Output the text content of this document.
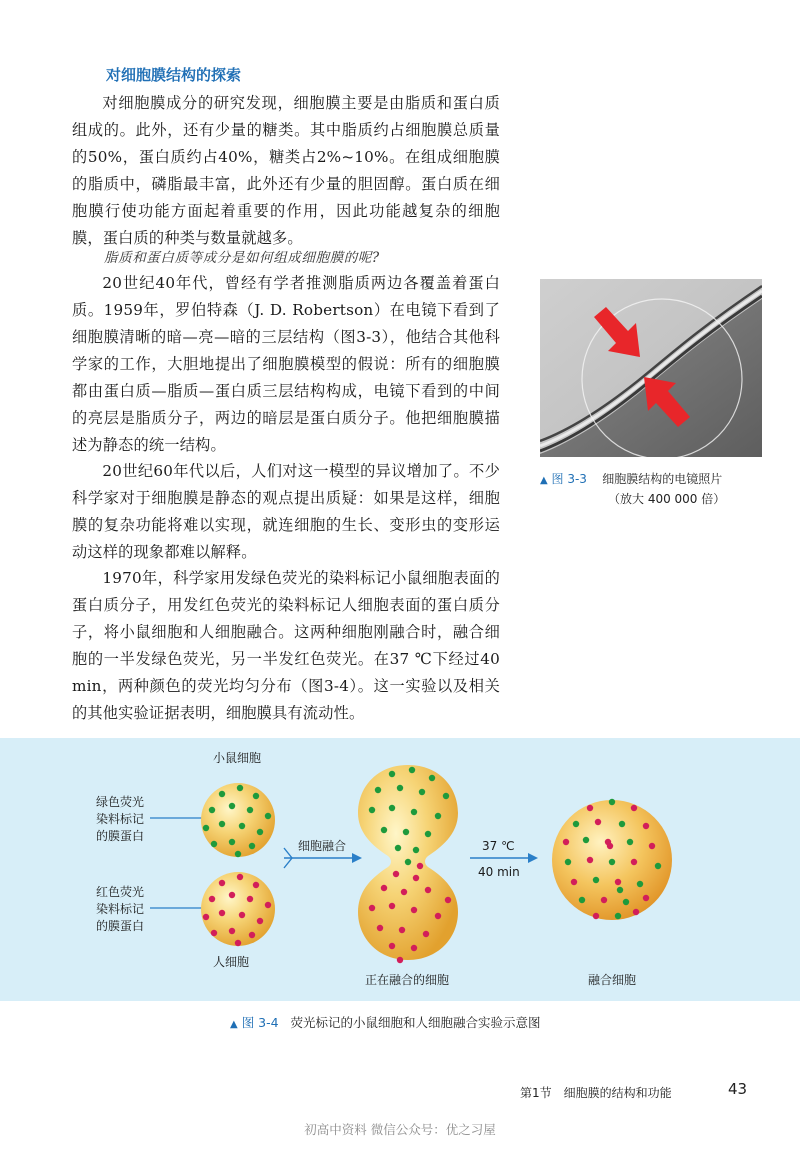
对细胞膜结构的探索

对细胞膜成分的研究发现，细胞膜主要是由脂质和蛋白质组成的。此外，还有少量的糖类。其中脂质约占细胞膜总质量的50%，蛋白质约占40%，糖类占2%~10%。在组成细胞膜的脂质中，磷脂最丰富，此外还有少量的胆固醇。蛋白质在细胞膜行使功能方面起着重要的作用，因此功能越复杂的细胞膜，蛋白质的种类与数量就越多。

脂质和蛋白质等成分是如何组成细胞膜的呢?

20世纪40年代，曾经有学者推测脂质两边各覆盖着蛋白质。1959年，罗伯特森（J. D. Robertson）在电镜下看到了细胞膜清晰的暗—亮—暗的三层结构（图3-3），他结合其他科学家的工作，大胆地提出了细胞膜模型的假说：所有的细胞膜都由蛋白质—脂质—蛋白质三层结构构成，电镜下看到的中间的亮层是脂质分子，两边的暗层是蛋白质分子。他把细胞膜描述为静态的统一结构。

20世纪60年代以后，人们对这一模型的异议增加了。不少科学家对于细胞膜是静态的观点提出质疑：如果是这样，细胞膜的复杂功能将难以实现，就连细胞的生长、变形虫的变形运动这样的现象都难以解释。

1970年，科学家用发绿色荧光的染料标记小鼠细胞表面的蛋白质分子，用发红色荧光的染料标记人细胞表面的蛋白质分子，将小鼠细胞和人细胞融合。这两种细胞刚融合时，融合细胞的一半发绿色荧光，另一半发红色荧光。在37 ℃下经过40 min，两种颜色的荧光均匀分布（图3-4）。这一实验以及相关的其他实验证据表明，细胞膜具有流动性。

▲ 图 3-3 细胞膜结构的电镜照片
（放大 400 000 倍）
小鼠细胞
绿色荧光
染料标记
的膜蛋白
红色荧光
染料标记
的膜蛋白
人细胞
细胞融合	37 ℃
40 min
正在融合的细胞	融合细胞
▲ 图 3-4 荧光标记的小鼠细胞和人细胞融合实验示意图
第1节　细胞膜的结构和功能	43
初高中资料 微信公众号：优之习屋
